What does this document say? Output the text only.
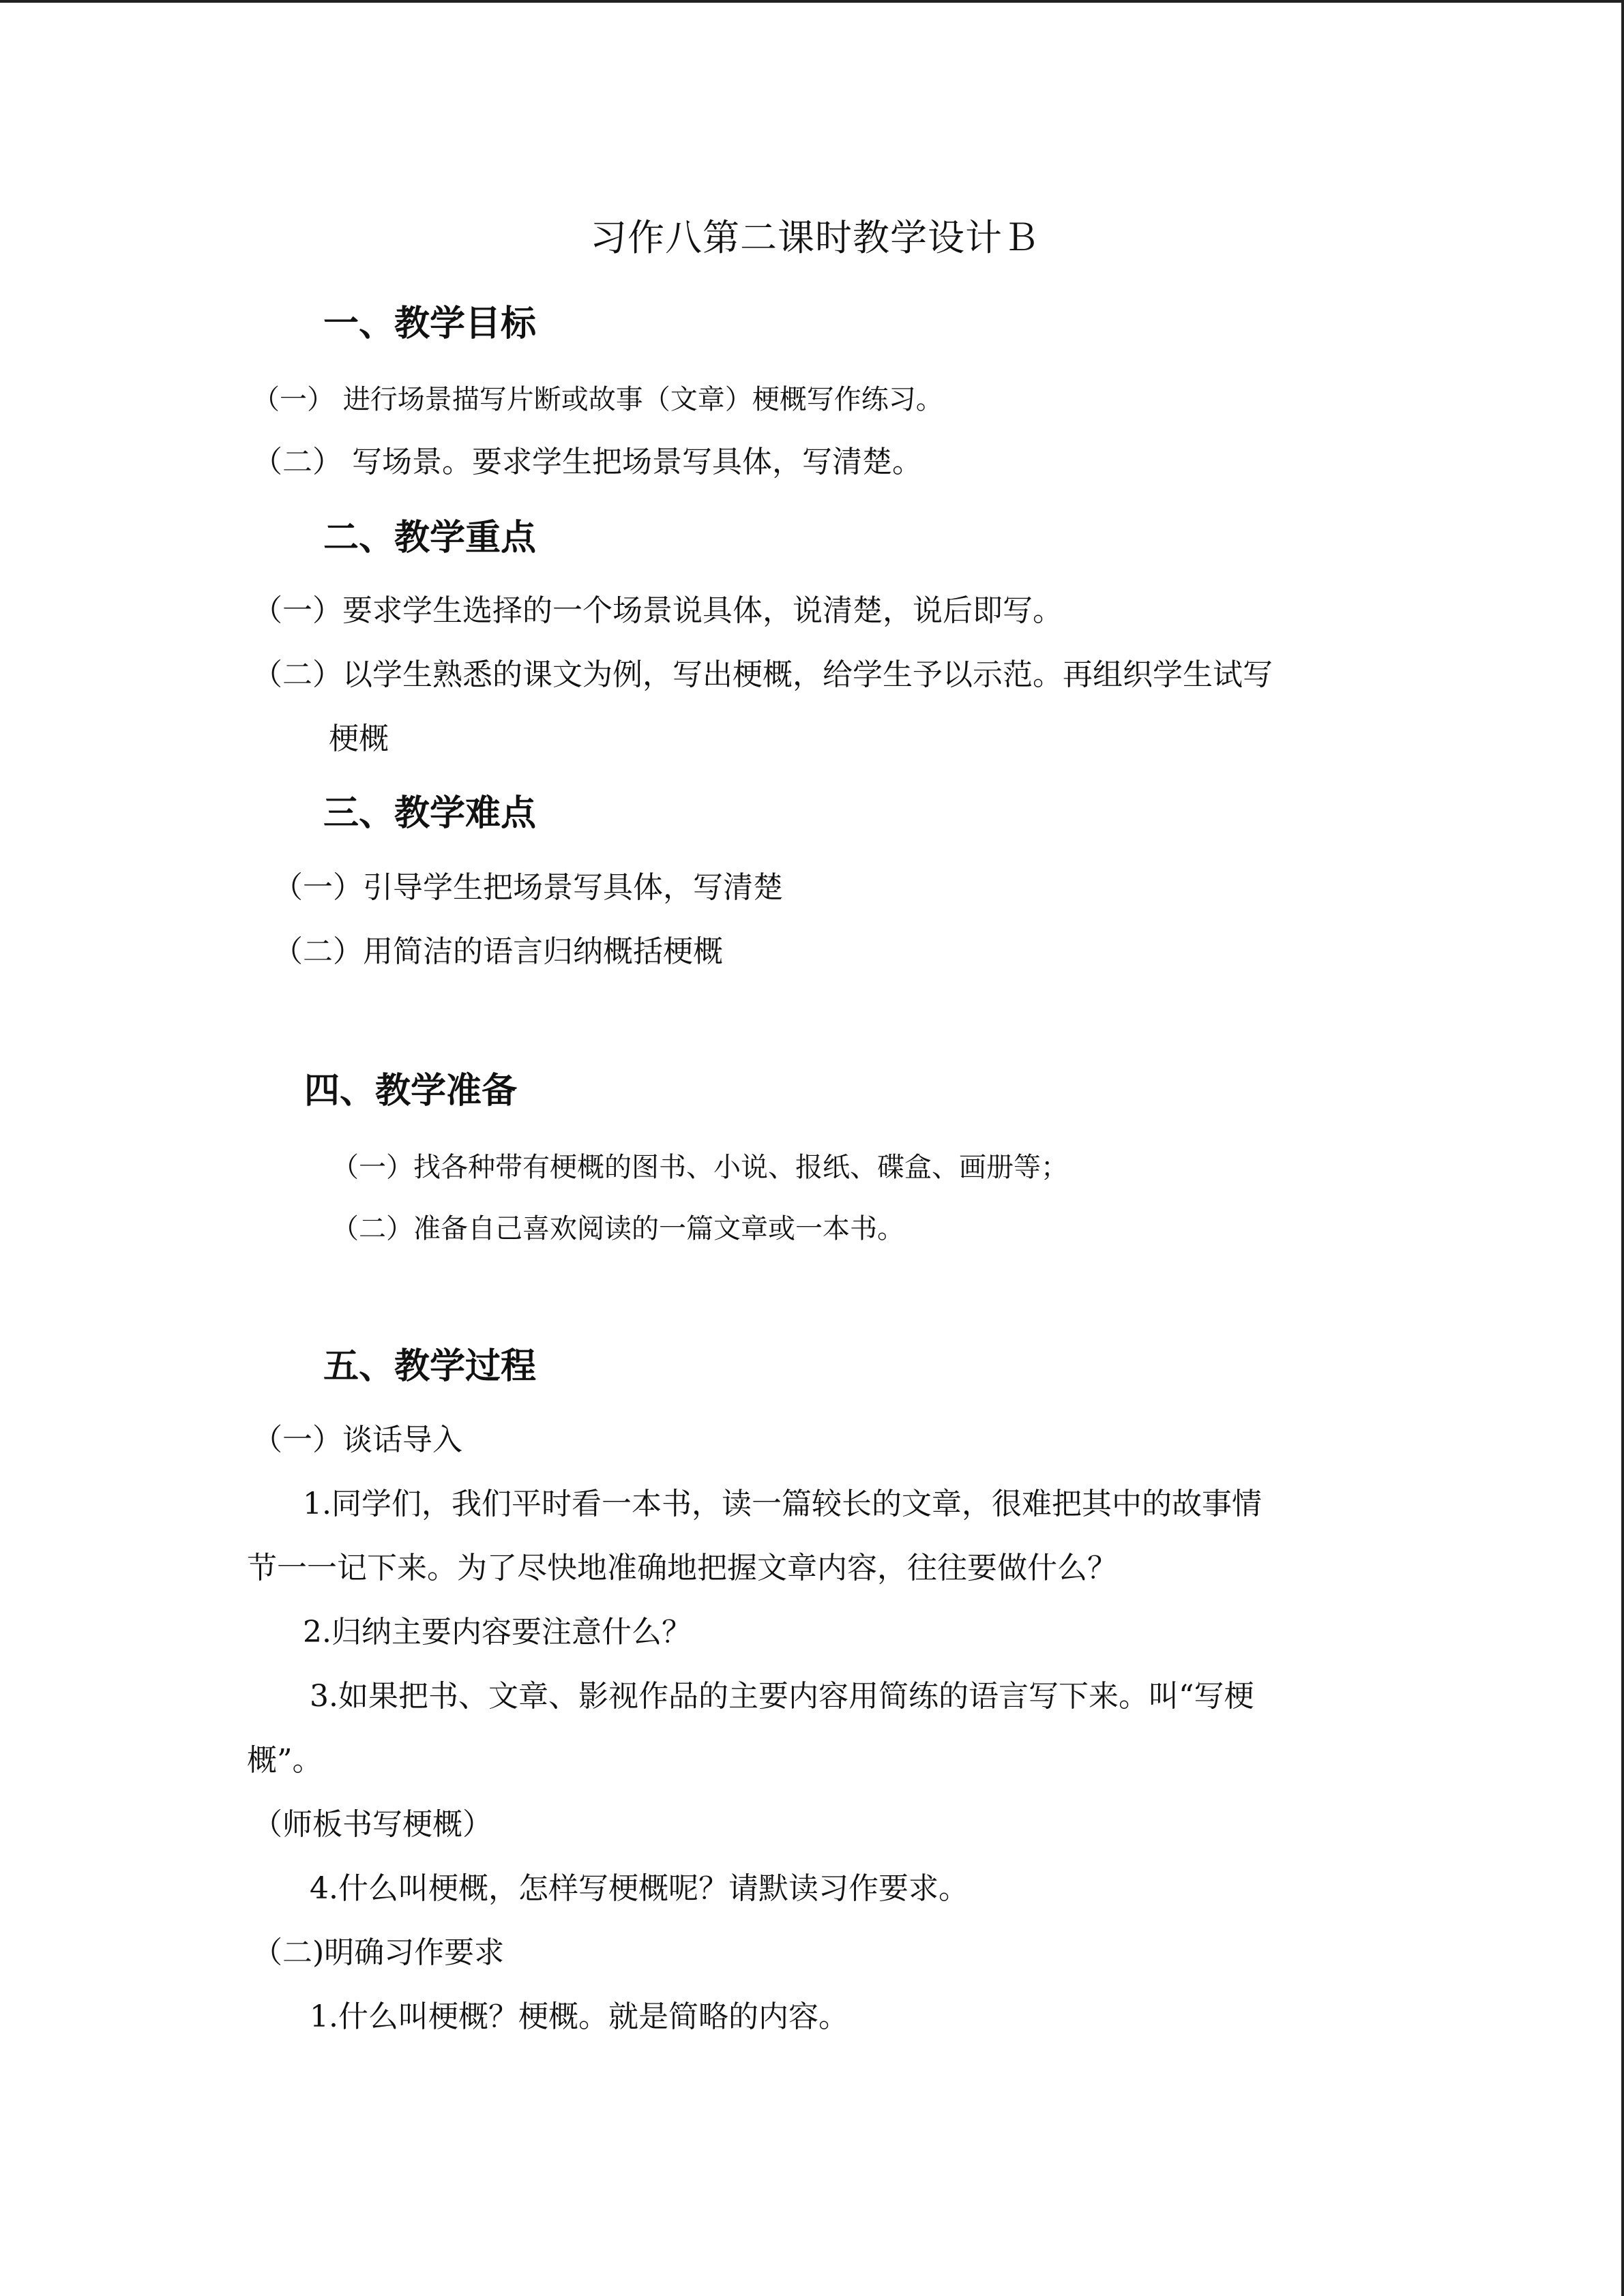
习作八第二课时教学设计Ｂ
一、教学目标
（一） 进行场景描写片断或故事（文章）梗概写作练习。
（二） 写场景。要求学生把场景写具体，写清楚。
二、教学重点
（一）要求学生选择的一个场景说具体，说清楚，说后即写。
（二）以学生熟悉的课文为例，写出梗概，给学生予以示范。再组织学生试写
梗概
三、教学难点
（一）引导学生把场景写具体，写清楚
（二）用简洁的语言归纳概括梗概
四、教学准备
（一）找各种带有梗概的图书、小说、报纸、碟盒、画册等；
（二）准备自己喜欢阅读的一篇文章或一本书。
五、教学过程
（一）谈话导入
1.同学们，我们平时看一本书，读一篇较长的文章，很难把其中的故事情
节一一记下来。为了尽快地准确地把握文章内容，往往要做什么？
2.归纳主要内容要注意什么？
3.如果把书、文章、影视作品的主要内容用简练的语言写下来。叫“写梗
概”。
（师板书写梗概）
4.什么叫梗概，怎样写梗概呢？请默读习作要求。
（二)明确习作要求
1.什么叫梗概？梗概。就是简略的内容。
